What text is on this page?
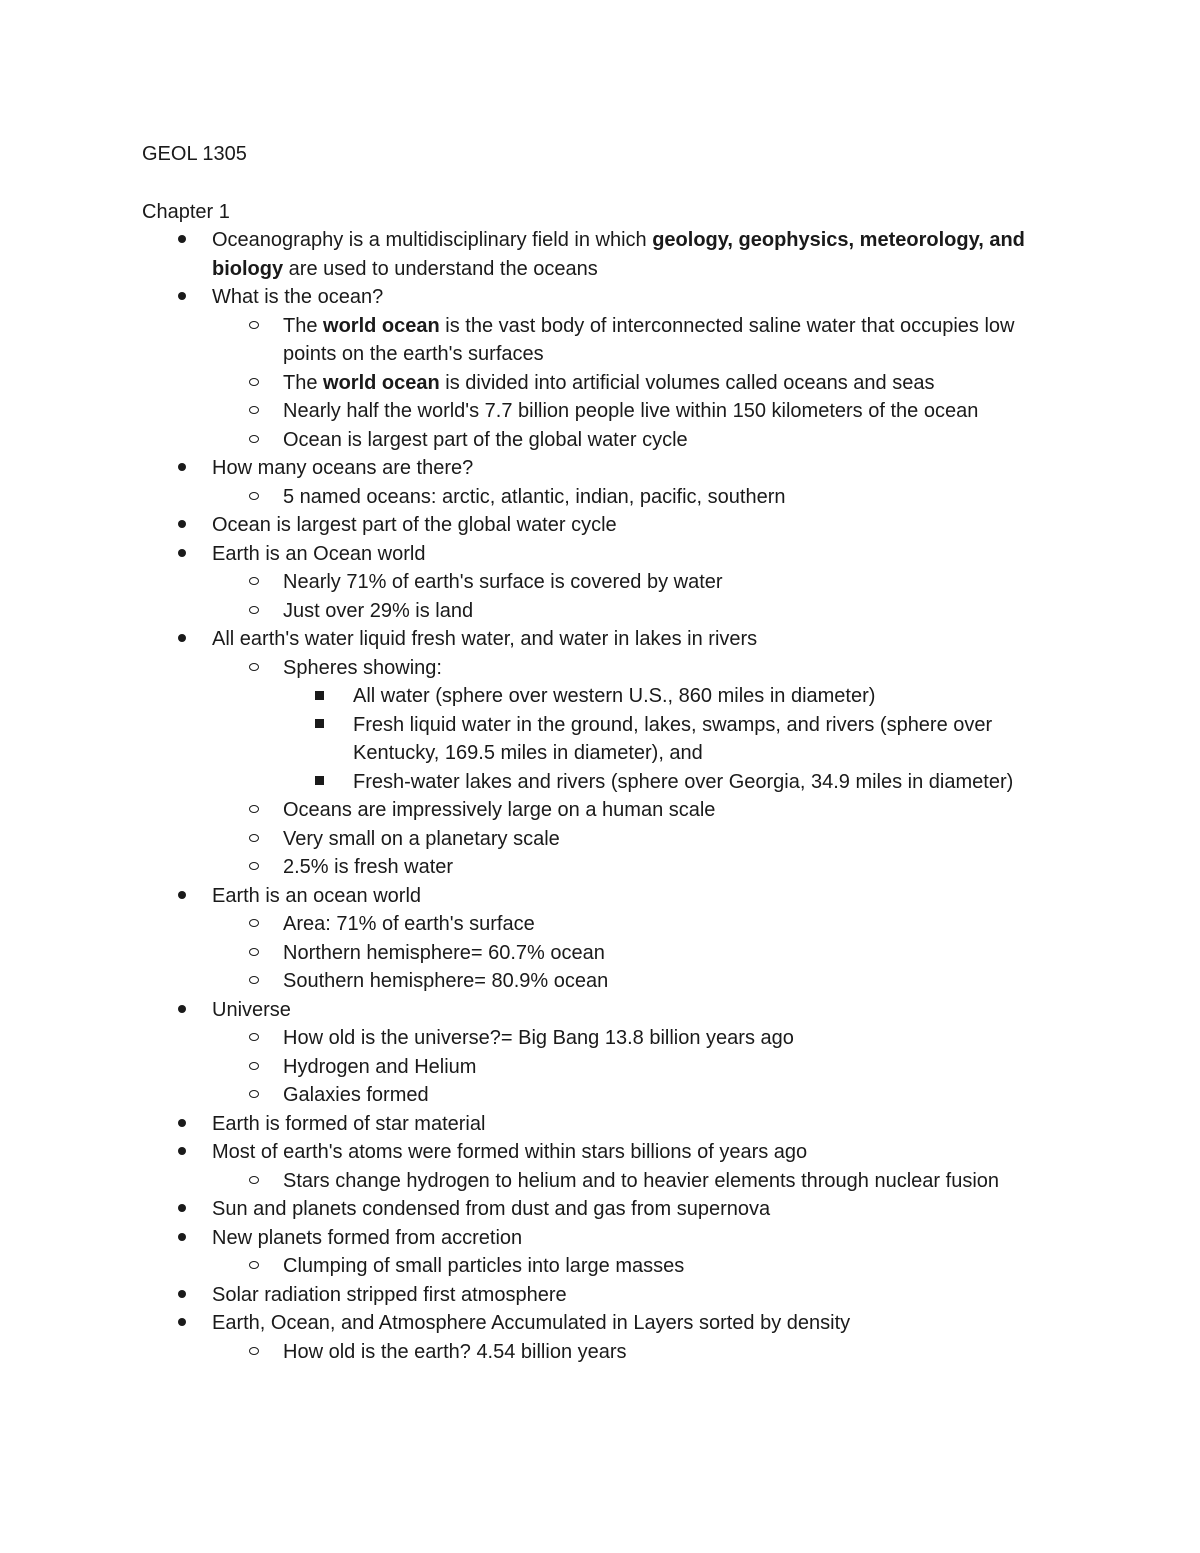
GEOL 1305
Chapter 1

Oceanography is a multidisciplinary field in which geology, geophysics, meteorology, and biology are used to understand the oceans

What is the ocean?

The world ocean is the vast body of interconnected saline water that occupies low points on the earth's surfaces

The world ocean is divided into artificial volumes called oceans and seas

Nearly half the world's 7.7 billion people live within 150 kilometers of the ocean

Ocean is largest part of the global water cycle

How many oceans are there?

5 named oceans: arctic, atlantic, indian, pacific, southern

Ocean is largest part of the global water cycle

Earth is an Ocean world

Nearly 71% of earth's surface is covered by water

Just over 29% is land

All earth's water liquid fresh water, and water in lakes in rivers

Spheres showing:

All water (sphere over western U.S., 860 miles in diameter)

Fresh liquid water in the ground, lakes, swamps, and rivers (sphere over Kentucky, 169.5 miles in diameter), and

Fresh-water lakes and rivers (sphere over Georgia, 34.9 miles in diameter)

Oceans are impressively large on a human scale

Very small on a planetary scale

2.5% is fresh water

Earth is an ocean world

Area: 71% of earth's surface

Northern hemisphere= 60.7% ocean

Southern hemisphere= 80.9% ocean

Universe

How old is the universe?= Big Bang 13.8 billion years ago

Hydrogen and Helium

Galaxies formed

Earth is formed of star material

Most of earth's atoms were formed within stars billions of years ago

Stars change hydrogen to helium and to heavier elements through nuclear fusion

Sun and planets condensed from dust and gas from supernova

New planets formed from accretion

Clumping of small particles into large masses

Solar radiation stripped first atmosphere

Earth, Ocean, and Atmosphere Accumulated in Layers sorted by density

How old is the earth? 4.54 billion years
